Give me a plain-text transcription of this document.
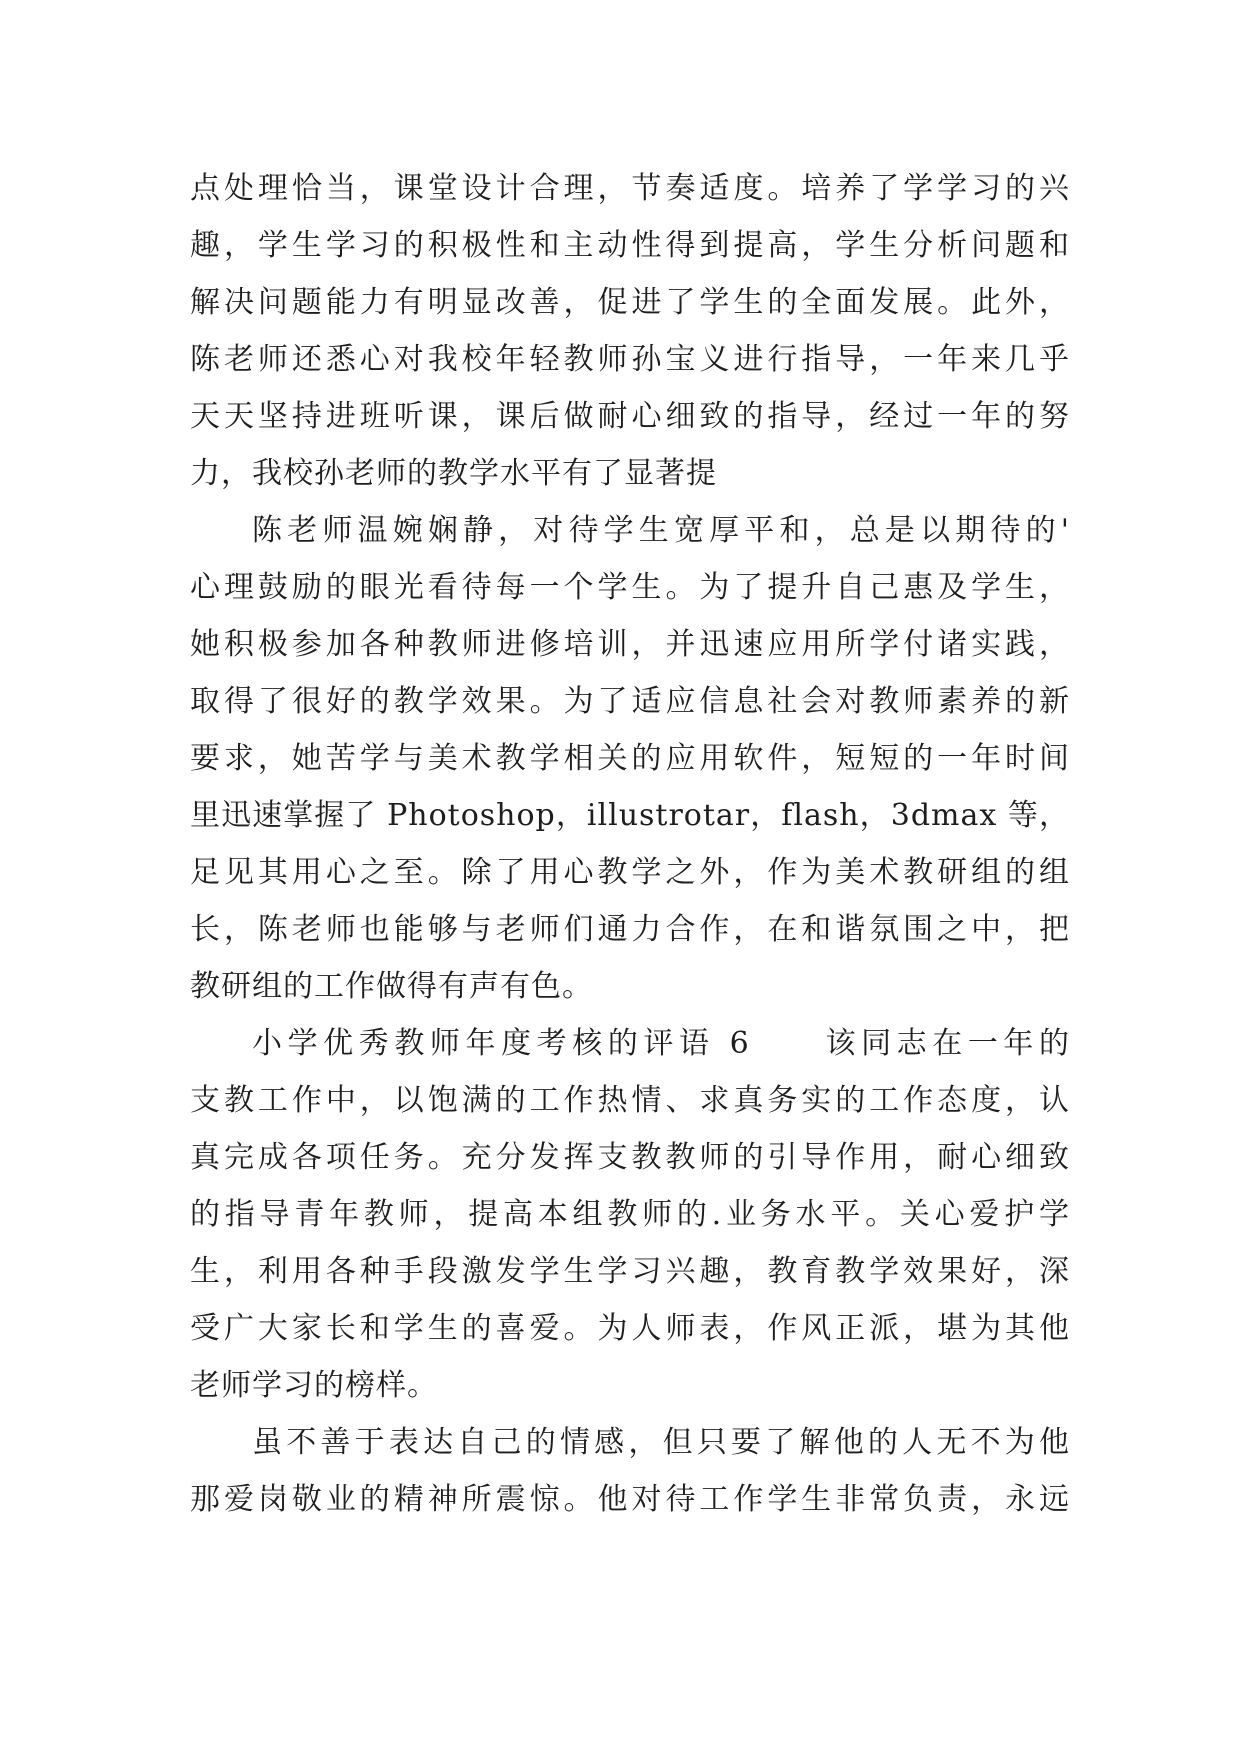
点处理恰当，课堂设计合理，节奏适度。培养了学学习的兴
趣，学生学习的积极性和主动性得到提高，学生分析问题和
解决问题能力有明显改善，促进了学生的全面发展。此外，
陈老师还悉心对我校年轻教师孙宝义进行指导，一年来几乎
天天坚持进班听课，课后做耐心细致的指导，经过一年的努
力，我校孙老师的教学水平有了显著提
陈老师温婉娴静，对待学生宽厚平和，总是以期待的'
心理鼓励的眼光看待每一个学生。为了提升自己惠及学生，
她积极参加各种教师进修培训，并迅速应用所学付诸实践，
取得了很好的教学效果。为了适应信息社会对教师素养的新
要求，她苦学与美术教学相关的应用软件，短短的一年时间
里迅速掌握了 Photoshop，illustrotar，flash，3dmax 等，
足见其用心之至。除了用心教学之外，作为美术教研组的组
长，陈老师也能够与老师们通力合作，在和谐氛围之中，把
教研组的工作做得有声有色。
小学优秀教师年度考核的评语 6　　该同志在一年的
支教工作中，以饱满的工作热情、求真务实的工作态度，认
真完成各项任务。充分发挥支教教师的引导作用，耐心细致
的指导青年教师，提高本组教师的.业务水平。关心爱护学
生，利用各种手段激发学生学习兴趣，教育教学效果好，深
受广大家长和学生的喜爱。为人师表，作风正派，堪为其他
老师学习的榜样。
虽不善于表达自己的情感，但只要了解他的人无不为他
那爱岗敬业的精神所震惊。他对待工作学生非常负责，永远
